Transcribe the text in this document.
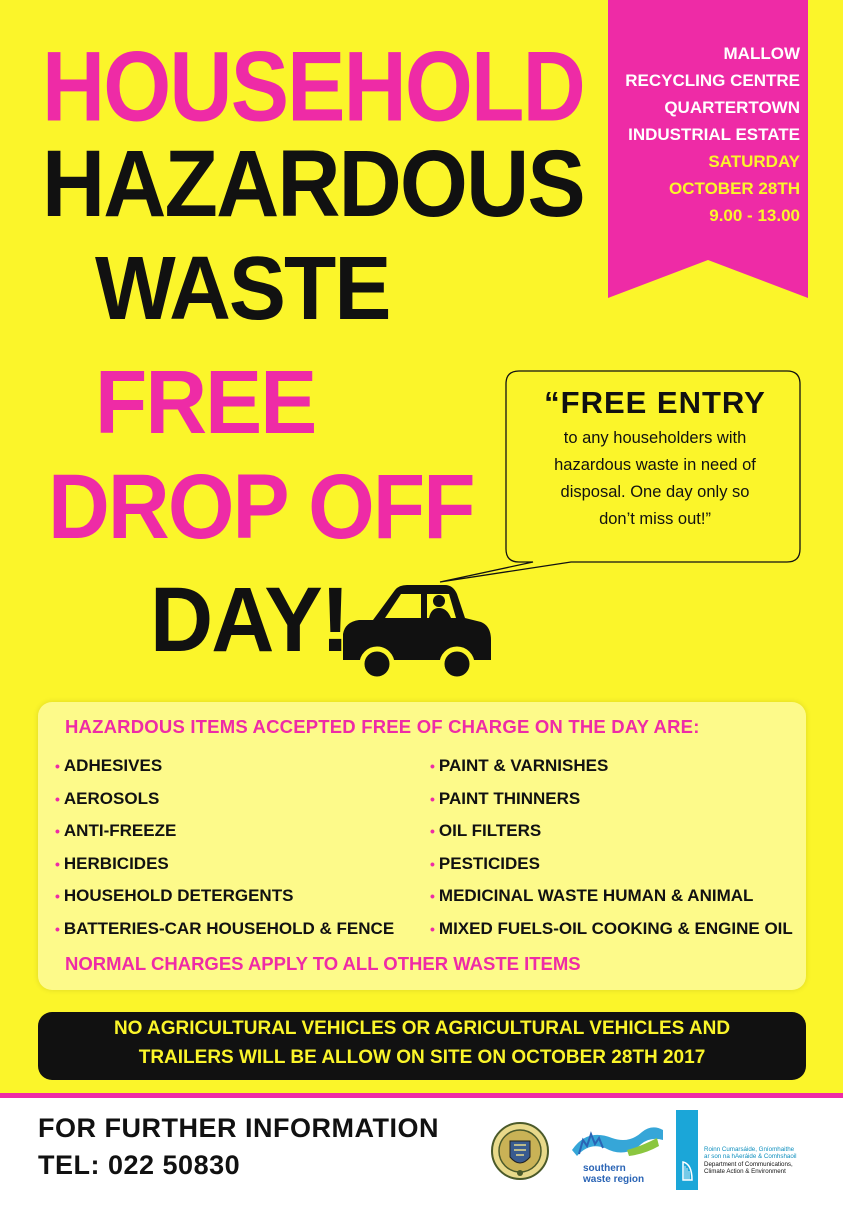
HOUSEHOLD
HAZARDOUS
WASTE
FREE
DROP OFF
DAY!
MALLOW
RECYCLING CENTRE
QUARTERTOWN
INDUSTRIAL ESTATE
SATURDAY
OCTOBER 28TH
9.00 - 13.00

“FREE ENTRY

to any householders with

hazardous waste in need of

disposal. One day only so

don’t miss out!”

HAZARDOUS ITEMS ACCEPTED FREE OF CHARGE ON THE DAY ARE:

• ADHESIVES
• AEROSOLS
• ANTI-FREEZE
• HERBICIDES
• HOUSEHOLD DETERGENTS
• BATTERIES-CAR HOUSEHOLD & FENCE
• PAINT & VARNISHES
• PAINT THINNERS
• OIL FILTERS
• PESTICIDES
• MEDICINAL WASTE HUMAN & ANIMAL
• MIXED FUELS-OIL COOKING & ENGINE OIL

NORMAL CHARGES APPLY TO ALL OTHER WASTE ITEMS

NO AGRICULTURAL VEHICLES OR AGRICULTURAL VEHICLES AND
TRAILERS WILL BE ALLOW ON SITE ON OCTOBER 28TH 2017

FOR FURTHER INFORMATION

TEL: 022 50830	southern
waste region

Roinn Cumarsáide, Gníomhaithe
ar son na hAeráide & Comhshaoil
Department of Communications,
Climate Action & Environment
